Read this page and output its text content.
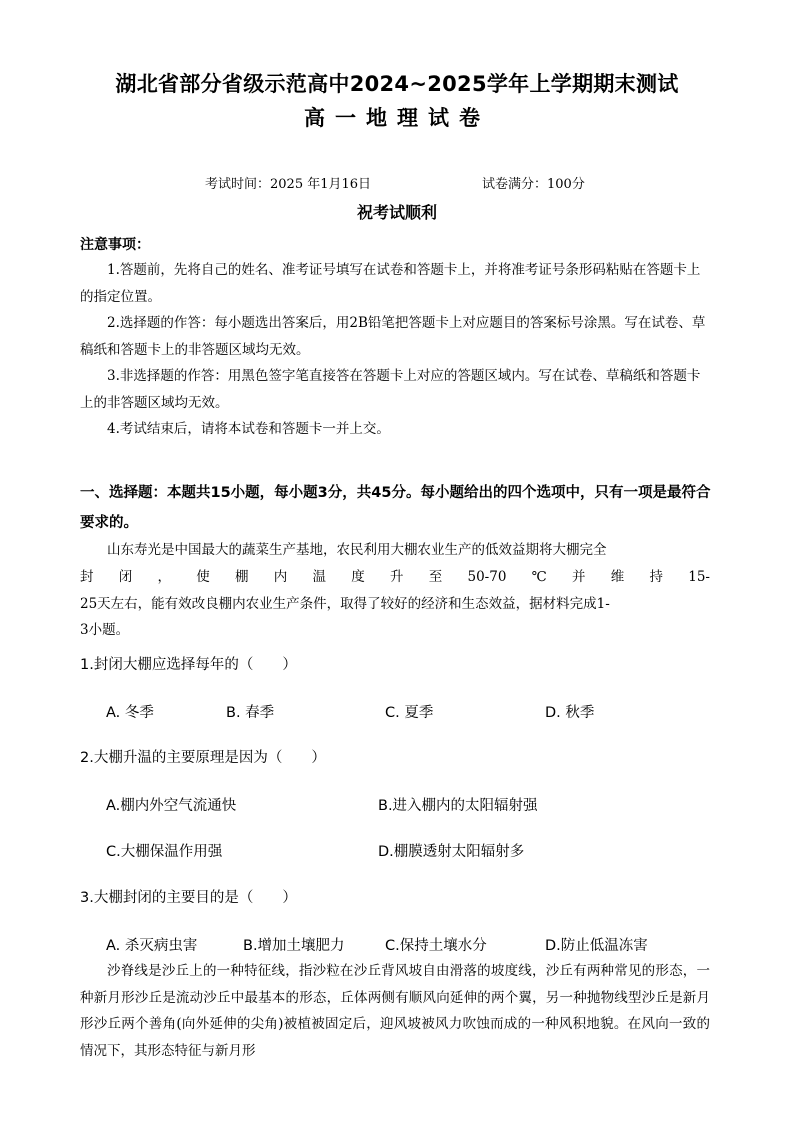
湖北省部分省级示范高中2024~2025学年上学期期末测试
高一地理试卷
考试时间：2025 年1月16日	试卷满分：100分
祝考试顺利
注意事项：
1.答题前，先将自己的姓名、准考证号填写在试卷和答题卡上，并将准考证号条形码粘贴在答题卡上的指定位置。
2.选择题的作答：每小题选出答案后，用2B铅笔把答题卡上对应题目的答案标号涂黑。写在试卷、草稿纸和答题卡上的非答题区域均无效。
3.非选择题的作答：用黑色签字笔直接答在答题卡上对应的答题区域内。写在试卷、草稿纸和答题卡上的非答题区域均无效。
4.考试结束后，请将本试卷和答题卡一并上交。
一、选择题：本题共15小题，每小题3分，共45分。每小题给出的四个选项中，只有一项是最符合要求的。
山东寿光是中国最大的蔬菜生产基地，农民利用大棚农业生产的低效益期将大棚完全
封闭，使棚内温度升至50-70℃并维持15-
25天左右，能有效改良棚内农业生产条件，取得了较好的经济和生态效益，据材料完成1-
3小题。
1.封闭大棚应选择每年的（　　）
A. 冬季	B. 春季	C. 夏季	D. 秋季
2.大棚升温的主要原理是因为（　　）
A.棚内外空气流通快	B.进入棚内的太阳辐射强
C.大棚保温作用强	D.棚膜透射太阳辐射多
3.大棚封闭的主要目的是（　　）
A. 杀灭病虫害	B.增加土壤肥力	C.保持土壤水分	D.防止低温冻害
沙脊线是沙丘上的一种特征线，指沙粒在沙丘背风坡自由滑落的坡度线，沙丘有两种常见的形态，一种新月形沙丘是流动沙丘中最基本的形态，丘体两侧有顺风向延伸的两个翼，另一种抛物线型沙丘是新月形沙丘两个善角(向外延伸的尖角)被植被固定后，迎风坡被风力吹蚀而成的一种风积地貌。在风向一致的情况下，其形态特征与新月形
